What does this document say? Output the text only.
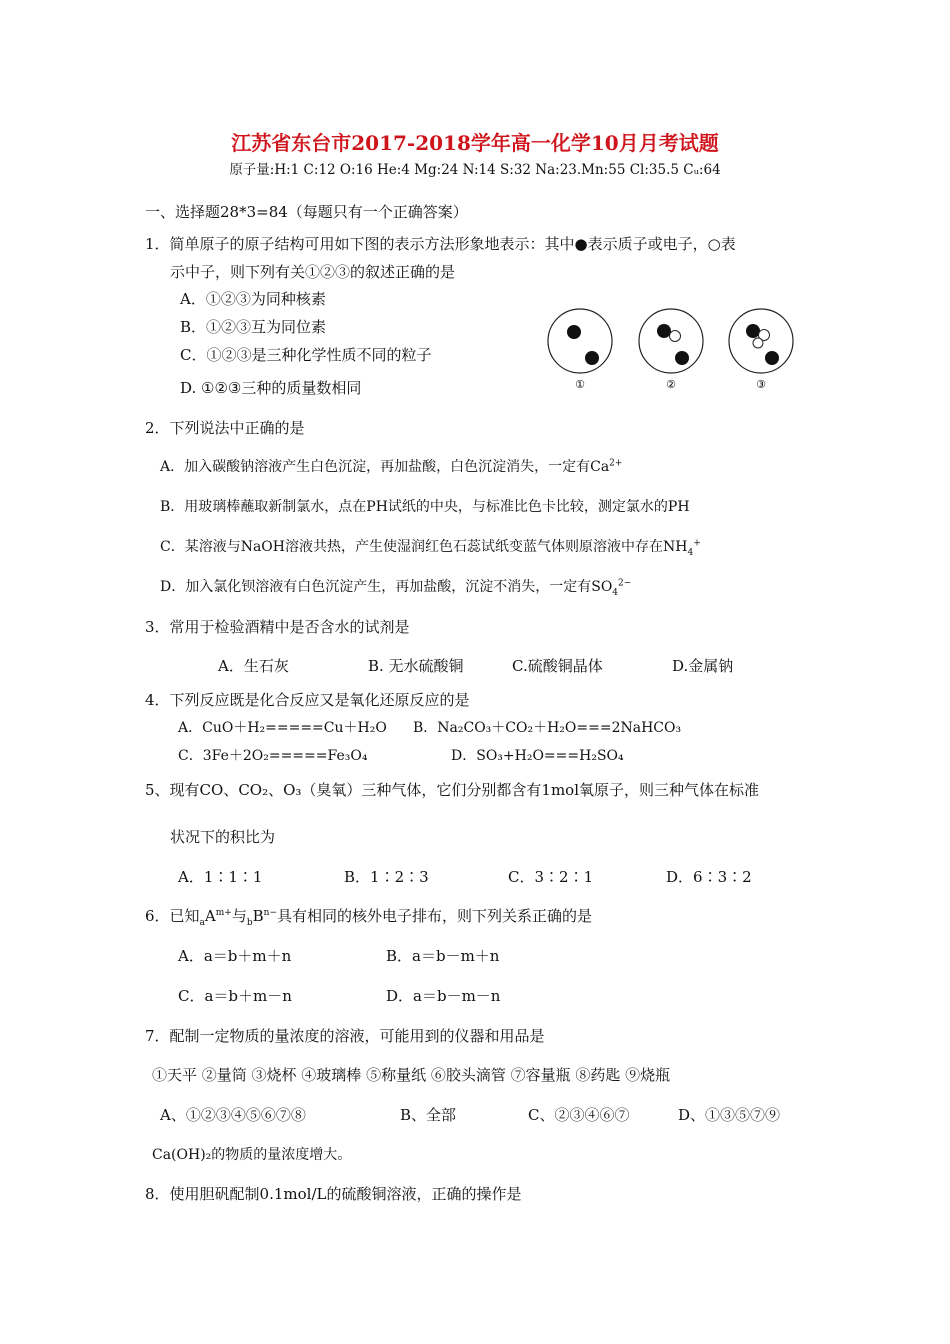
江苏省东台市2017-2018学年高一化学10月月考试题
原子量:H:1 C:12 O:16 He:4 Mg:24 N:14 S:32 Na:23.Mn:55 Cl:35.5 Cᵤ:64
一、选择题28*3=84（每题只有一个正确答案）
1．简单原子的原子结构可用如下图的表示方法形象地表示：其中●表示质子或电子，○表
示中子，则下列有关①②③的叙述正确的是
A．①②③为同种核素
B．①②③互为同位素
C．①②③是三种化学性质不同的粒子
D. ①②③三种的质量数相同	①	②	③
2．下列说法中正确的是
A．加入碳酸钠溶液产生白色沉淀，再加盐酸，白色沉淀消失，一定有$Ca^{2+}$
B．用玻璃棒蘸取新制氯水，点在PH试纸的中央，与标准比色卡比较，测定氯水的PH
C．某溶液与NaOH溶液共热，产生使湿润红色石蕊试纸变蓝气体则原溶液中存在$NH_4^+$
D．加入氯化钡溶液有白色沉淀产生，再加盐酸，沉淀不消失，一定有$SO_4^{2-}$
3．常用于检验酒精中是否含水的试剂是
A．生石灰	B. 无水硫酸铜	C.硫酸铜晶体	D.金属钠
4．下列反应既是化合反应又是氧化还原反应的是
A．CuO＋H₂=====Cu＋H₂O B．Na₂CO₃＋CO₂＋H₂O===2NaHCO₃
C．3Fe＋2O₂=====Fe₃O₄	D．SO₃+H₂O===H₂SO₄
5、现有CO、CO₂、O₃（臭氧）三种气体，它们分别都含有1mol氧原子，则三种气体在标准
状况下的积比为
A．1∶1∶1	B．1∶2∶3	C．3∶2∶1	D．6∶3∶2
6．已知$_aA^{m+}$与$_bB^{n-}$具有相同的核外电子排布，则下列关系正确的是
A．a＝b＋m＋n	B．a＝b－m＋n
C．a＝b＋m－n	D．a＝b－m－n
7．配制一定物质的量浓度的溶液，可能用到的仪器和用品是
①天平 ②量筒 ③烧杯 ④玻璃棒 ⑤称量纸 ⑥胶头滴管 ⑦容量瓶 ⑧药匙 ⑨烧瓶
A、①②③④⑤⑥⑦⑧	B、全部	C、②③④⑥⑦	D、①③⑤⑦⑨
Ca(OH)₂的物质的量浓度增大。
8．使用胆矾配制0.1mol/L的硫酸铜溶液，正确的操作是
